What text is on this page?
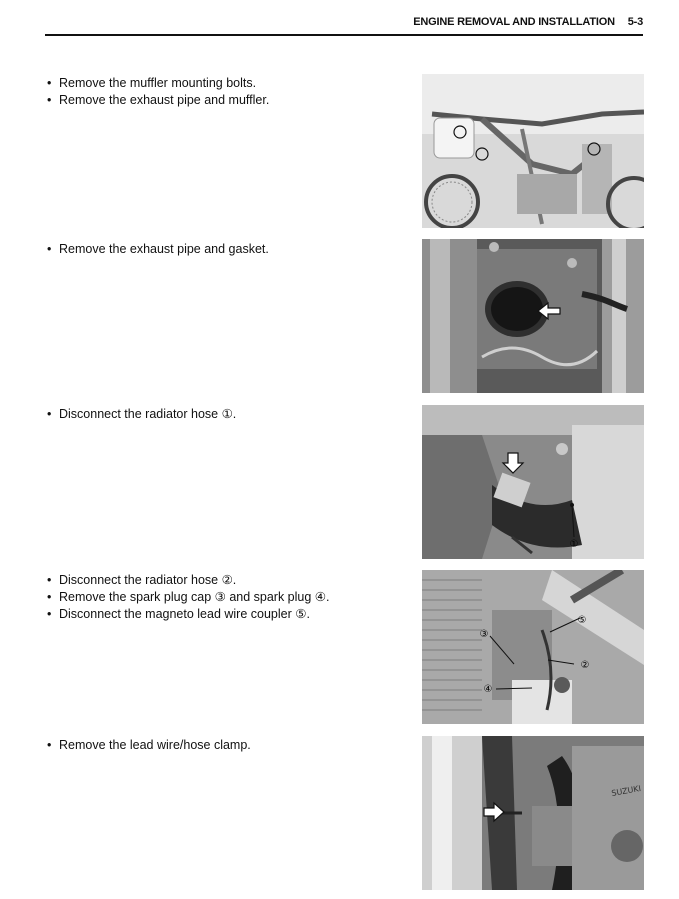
ENGINE REMOVAL AND INSTALLATION 5-3
• Remove the muffler mounting bolts.
• Remove the exhaust pipe and muffler.
• Remove the exhaust pipe and gasket.
• Disconnect the radiator hose ①.
①
• Disconnect the radiator hose ②.
• Remove the spark plug cap ③ and spark plug ④.
• Disconnect the magneto lead wire coupler ⑤.
③
⑤
②
④
• Remove the lead wire/hose clamp.
SUZUKI
